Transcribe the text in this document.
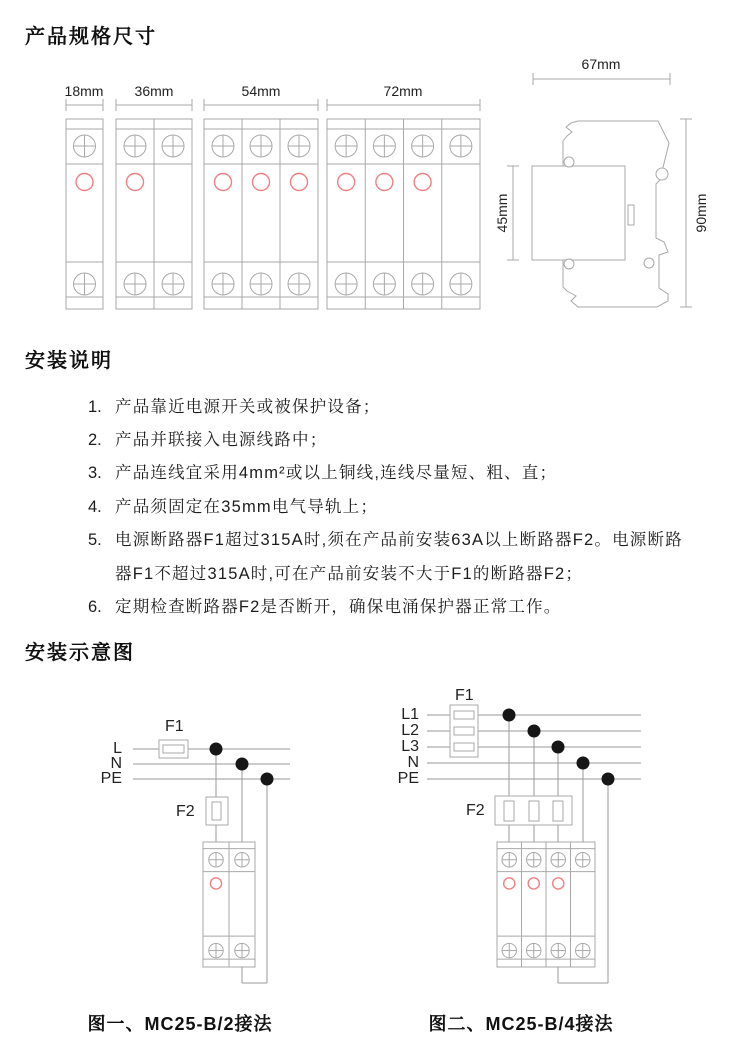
产品规格尺寸
安装说明
安装示意图
18mm 36mm	54mm	72mm
67mm
45mm	90mm
1. 产品靠近电源开关或被保护设备；
2. 产品并联接入电源线路中；
3. 产品连线宜采用4mm²或以上铜线,连线尽量短、粗、直；
4. 产品须固定在35mm电气导轨上；
5. 电源断路器F1超过315A时,须在产品前安装63A以上断路器F2。电源断路
器F1不超过315A时,可在产品前安装不大于F1的断路器F2；
6. 定期检查断路器F2是否断开，确保电涌保护器正常工作。
F1
F2
L
N
PE
图一、MC25-B/2接法
F1
F2
L1
L2
L3
N
PE
图二、MC25-B/4接法
